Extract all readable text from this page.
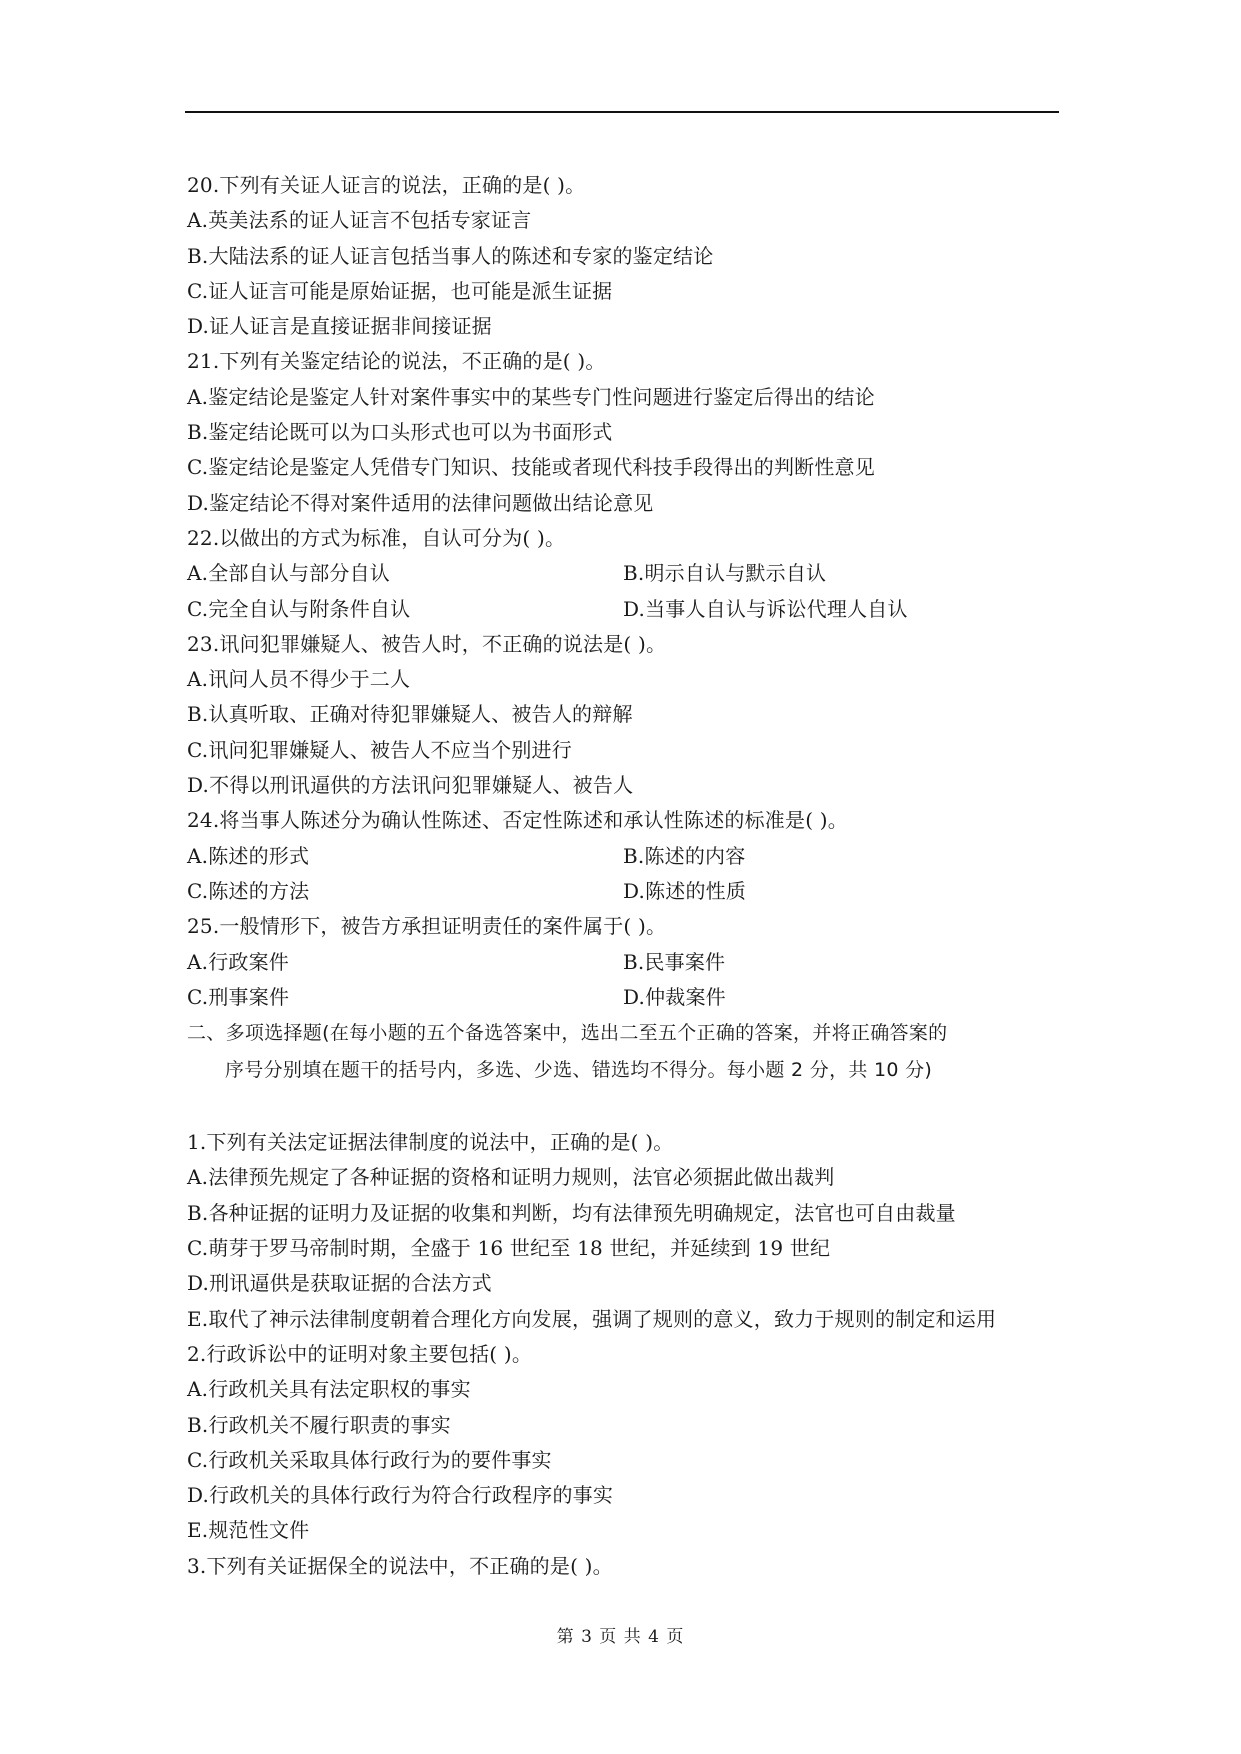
20.下列有关证人证言的说法，正确的是( )。
A.英美法系的证人证言不包括专家证言
B.大陆法系的证人证言包括当事人的陈述和专家的鉴定结论
C.证人证言可能是原始证据，也可能是派生证据
D.证人证言是直接证据非间接证据
21.下列有关鉴定结论的说法，不正确的是( )。
A.鉴定结论是鉴定人针对案件事实中的某些专门性问题进行鉴定后得出的结论
B.鉴定结论既可以为口头形式也可以为书面形式
C.鉴定结论是鉴定人凭借专门知识、技能或者现代科技手段得出的判断性意见
D.鉴定结论不得对案件适用的法律问题做出结论意见
22.以做出的方式为标准，自认可分为( )。
A.全部自认与部分自认	B.明示自认与默示自认
C.完全自认与附条件自认	D.当事人自认与诉讼代理人自认
23.讯问犯罪嫌疑人、被告人时，不正确的说法是( )。
A.讯问人员不得少于二人
B.认真听取、正确对待犯罪嫌疑人、被告人的辩解
C.讯问犯罪嫌疑人、被告人不应当个别进行
D.不得以刑讯逼供的方法讯问犯罪嫌疑人、被告人
24.将当事人陈述分为确认性陈述、否定性陈述和承认性陈述的标准是( )。
A.陈述的形式	B.陈述的内容
C.陈述的方法	D.陈述的性质
25.一般情形下，被告方承担证明责任的案件属于( )。
A.行政案件	B.民事案件
C.刑事案件	D.仲裁案件
二、多项选择题(在每小题的五个备选答案中，选出二至五个正确的答案，并将正确答案的
序号分别填在题干的括号内，多选、少选、错选均不得分。每小题 2 分，共 10 分)
1.下列有关法定证据法律制度的说法中，正确的是( )。
A.法律预先规定了各种证据的资格和证明力规则，法官必须据此做出裁判
B.各种证据的证明力及证据的收集和判断，均有法律预先明确规定，法官也可自由裁量
C.萌芽于罗马帝制时期，全盛于 16 世纪至 18 世纪，并延续到 19 世纪
D.刑讯逼供是获取证据的合法方式
E.取代了神示法律制度朝着合理化方向发展，强调了规则的意义，致力于规则的制定和运用
2.行政诉讼中的证明对象主要包括( )。
A.行政机关具有法定职权的事实
B.行政机关不履行职责的事实
C.行政机关采取具体行政行为的要件事实
D.行政机关的具体行政行为符合行政程序的事实
E.规范性文件
3.下列有关证据保全的说法中，不正确的是( )。
第 3 页 共 4 页
